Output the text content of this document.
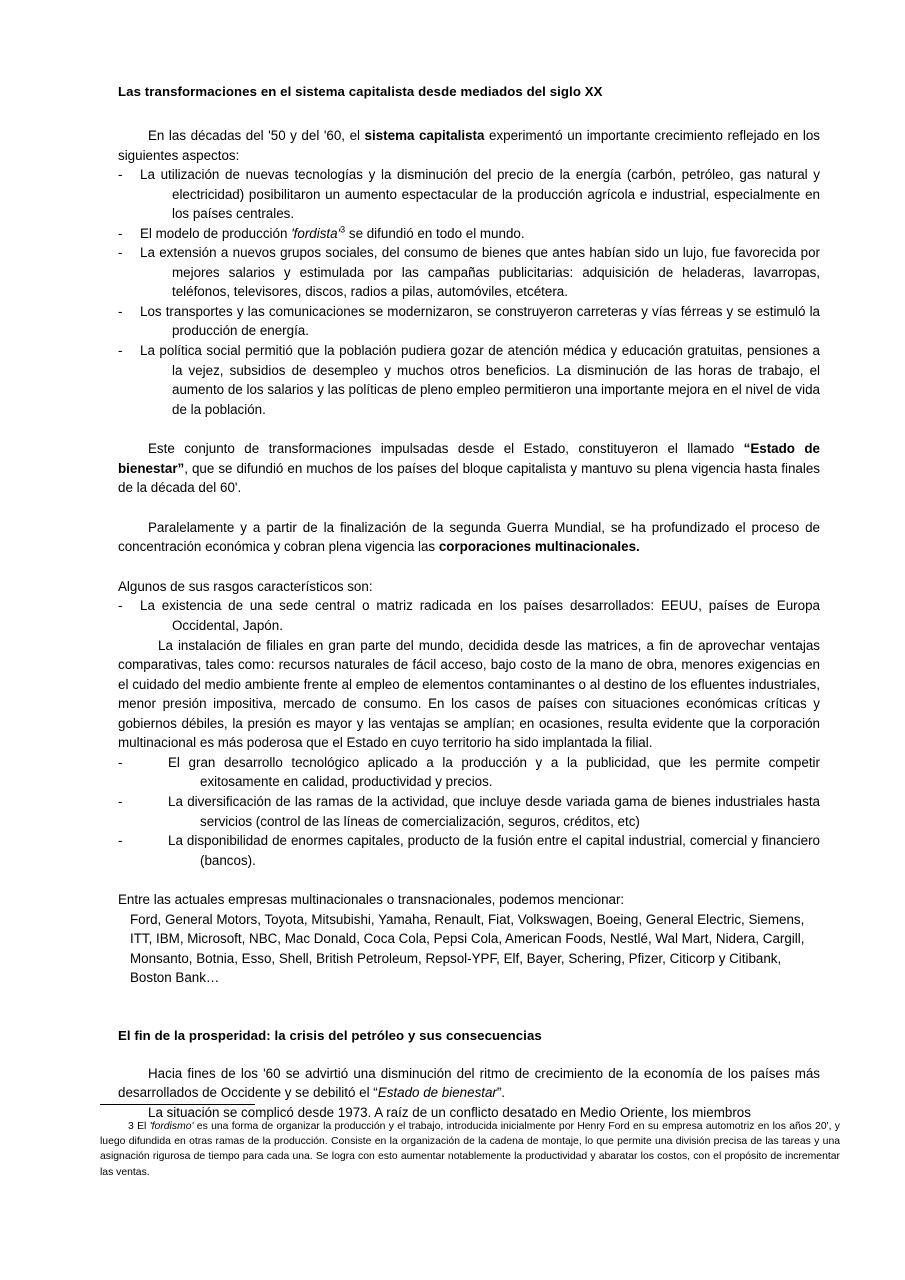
Las transformaciones en el sistema capitalista desde mediados del siglo XX

En las décadas del '50 y del '60, el sistema capitalista experimentó un importante crecimiento reflejado en los siguientes aspectos:

- La utilización de nuevas tecnologías y la disminución del precio de la energía (carbón, petróleo, gas natural y electricidad) posibilitaron un aumento espectacular de la producción agrícola e industrial, especialmente en los países centrales.
- El modelo de producción 'fordista'$^3$ se difundió en todo el mundo.
- La extensión a nuevos grupos sociales, del consumo de bienes que antes habían sido un lujo, fue favorecida por mejores salarios y estimulada por las campañas publicitarias: adquisición de heladeras, lavarropas, teléfonos, televisores, discos, radios a pilas, automóviles, etcétera.
- Los transportes y las comunicaciones se modernizaron, se construyeron carreteras y vías férreas y se estimuló la producción de energía.
- La política social permitió que la población pudiera gozar de atención médica y educación gratuitas, pensiones a la vejez, subsidios de desempleo y muchos otros beneficios. La disminución de las horas de trabajo, el aumento de los salarios y las políticas de pleno empleo permitieron una importante mejora en el nivel de vida de la población.

Este conjunto de transformaciones impulsadas desde el Estado, constituyeron el llamado “Estado de bienestar”, que se difundió en muchos de los países del bloque capitalista y mantuvo su plena vigencia hasta finales de la década del 60'.

Paralelamente y a partir de la finalización de la segunda Guerra Mundial, se ha profundizado el proceso de concentración económica y cobran plena vigencia las corporaciones multinacionales.

Algunos de sus rasgos característicos son:

- La existencia de una sede central o matriz radicada en los países desarrollados: EEUU, países de Europa Occidental, Japón.

La instalación de filiales en gran parte del mundo, decidida desde las matrices, a fin de aprovechar ventajas comparativas, tales como: recursos naturales de fácil acceso, bajo costo de la mano de obra, menores exigencias en el cuidado del medio ambiente frente al empleo de elementos contaminantes o al destino de los efluentes industriales, menor presión impositiva, mercado de consumo. En los casos de países con situaciones económicas críticas y gobiernos débiles, la presión es mayor y las ventajas se amplían; en ocasiones, resulta evidente que la corporación multinacional es más poderosa que el Estado en cuyo territorio ha sido implantada la filial.

-	El gran desarrollo tecnológico aplicado a la producción y a la publicidad, que les permite competir exitosamente en calidad, productividad y precios.
-	La diversificación de las ramas de la actividad, que incluye desde variada gama de bienes industriales hasta servicios (control de las líneas de comercialización, seguros, créditos, etc)
-	La disponibilidad de enormes capitales, producto de la fusión entre el capital industrial, comercial y financiero (bancos).

Entre las actuales empresas multinacionales o transnacionales, podemos mencionar:

Ford, General Motors, Toyota, Mitsubishi, Yamaha, Renault, Fiat, Volkswagen, Boeing, General Electric, Siemens, ITT, IBM, Microsoft, NBC, Mac Donald, Coca Cola, Pepsi Cola, American Foods, Nestlé, Wal Mart, Nidera, Cargill, Monsanto, Botnia, Esso, Shell, British Petroleum, Repsol-YPF, Elf, Bayer, Schering, Pfizer, Citicorp y Citibank, Boston Bank…

El fin de la prosperidad: la crisis del petróleo y sus consecuencias

Hacia fines de los '60 se advirtió una disminución del ritmo de crecimiento de la economía de los países más desarrollados de Occidente y se debilitó el “Estado de bienestar”.

La situación se complicó desde 1973. A raíz de un conflicto desatado en Medio Oriente, los miembros

3 El 'fordismo' es una forma de organizar la producción y el trabajo, introducida inicialmente por Henry Ford en su empresa automotriz en los años 20', y luego difundida en otras ramas de la producción. Consiste en la organización de la cadena de montaje, lo que permite una división precisa de las tareas y una asignación rigurosa de tiempo para cada una. Se logra con esto aumentar notablemente la productividad y abaratar los costos, con el propósito de incrementar las ventas.
